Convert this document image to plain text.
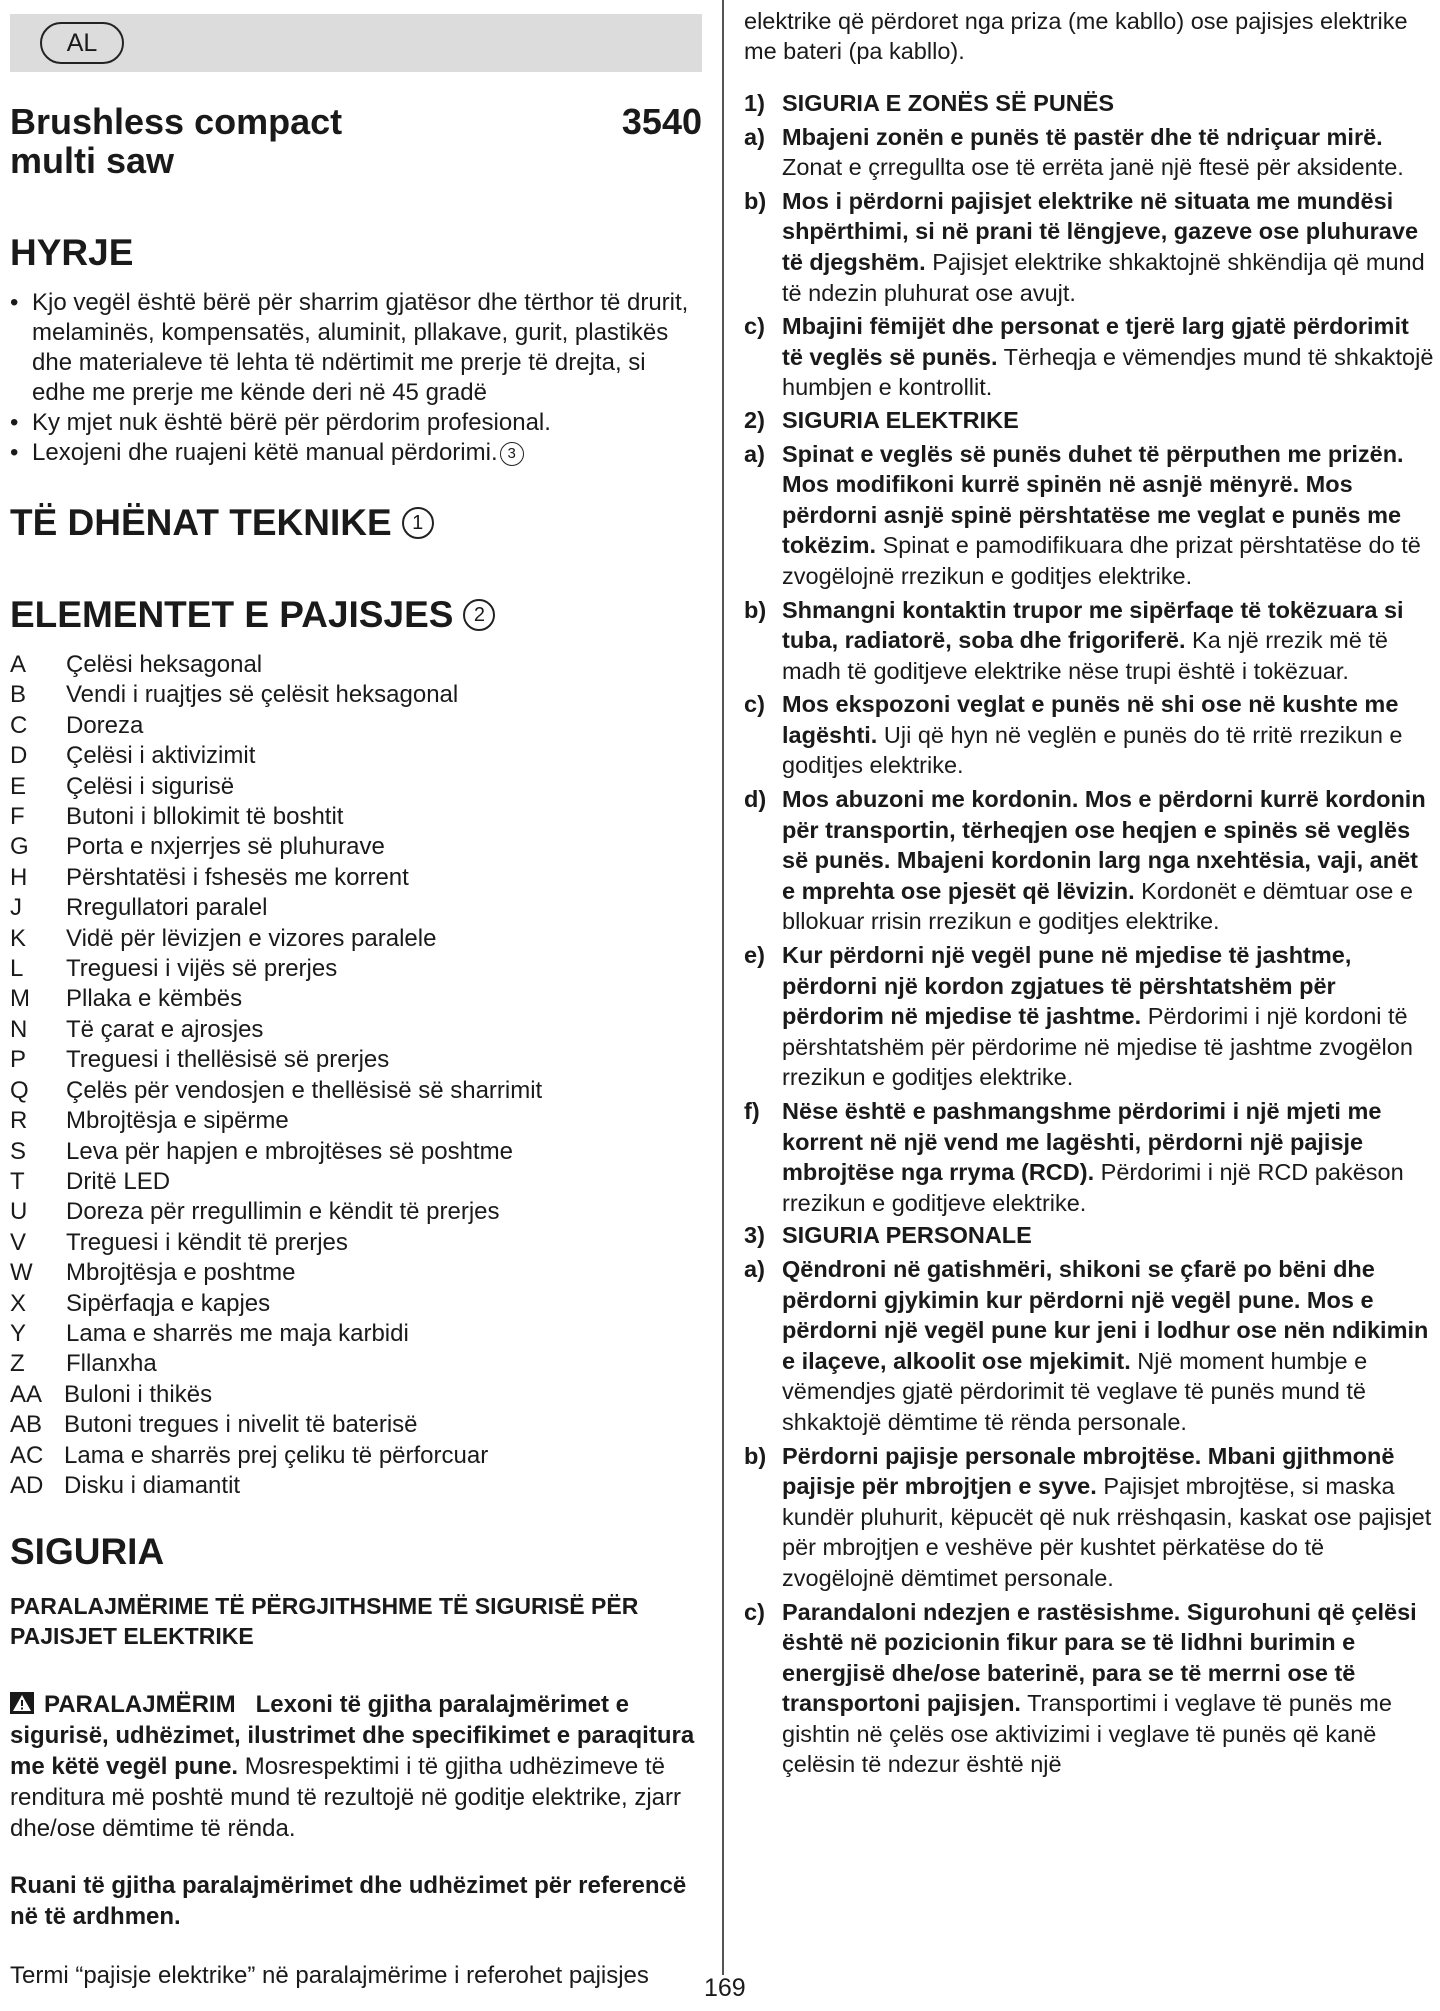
AL
Brushless compact multi saw
3540
HYRJE
• Kjo vegël është bërë për sharrim gjatësor dhe tërthor të drurit, melaminës, kompensatës, aluminit, pllakave, gurit, plastikës dhe materialeve të lehta të ndërtimit me prerje të drejta, si edhe me prerje me kënde deri në 45 gradë
• Ky mjet nuk është bërë për përdorim profesional.
• Lexojeni dhe ruajeni këtë manual përdorimi. 3
TË DHËNAT TEKNIKE	1
ELEMENTET E PAJISJES	2
A	Çelësi heksagonal
B	Vendi i ruajtjes së çelësit heksagonal
C	Doreza
D	Çelësi i aktivizimit
E	Çelësi i sigurisë
F	Butoni i bllokimit të boshtit
G	Porta e nxjerrjes së pluhurave
H	Përshtatësi i fshesës me korrent
J	Rregullatori paralel
K	Vidë për lëvizjen e vizores paralele
L	Treguesi i vijës së prerjes
M	Pllaka e këmbës
N	Të çarat e ajrosjes
P	Treguesi i thellësisë së prerjes
Q	Çelës për vendosjen e thellësisë së sharrimit
R	Mbrojtësja e sipërme
S	Leva për hapjen e mbrojtëses së poshtme
T	Dritë LED
U	Doreza për rregullimin e këndit të prerjes
V	Treguesi i këndit të prerjes
W	Mbrojtësja e poshtme
X	Sipërfaqja e kapjes
Y	Lama e sharrës me maja karbidi
Z	Fllanxha
AA Buloni i thikës
AB Butoni tregues i nivelit të baterisë
AC Lama e sharrës prej çeliku të përforcuar
AD Disku i diamantit
SIGURIA
PARALAJMËRIME TË PËRGJITHSHME TË SIGURISË PËR PAJISJET ELEKTRIKE

PARALAJMËRIM Lexoni të gjitha paralajmërimet e sigurisë, udhëzimet, ilustrimet dhe specifikimet e paraqitura me këtë vegël pune. Mosrespektimi i të gjitha udhëzimeve të renditura më poshtë mund të rezultojë në goditje elektrike, zjarr dhe/ose dëmtime të rënda.

Ruani të gjitha paralajmërimet dhe udhëzimet për referencë në të ardhmen.

Termi “pajisje elektrike” në paralajmërime i referohet pajisjes

elektrike që përdoret nga priza (me kabllo) ose pajisjes elektrike me bateri (pa kabllo).

1) SIGURIA E ZONËS SË PUNËS
a) Mbajeni zonën e punës të pastër dhe të ndriçuar mirë. Zonat e çrregullta ose të errëta janë një ftesë për aksidente.
b) Mos i përdorni pajisjet elektrike në situata me mundësi shpërthimi, si në prani të lëngjeve, gazeve ose pluhurave të djegshëm. Pajisjet elektrike shkaktojnë shkëndija që mund të ndezin pluhurat ose avujt.
c) Mbajini fëmijët dhe personat e tjerë larg gjatë përdorimit të veglës së punës. Tërheqja e vëmendjes mund të shkaktojë humbjen e kontrollit.
2) SIGURIA ELEKTRIKE
a) Spinat e veglës së punës duhet të përputhen me prizën. Mos modifikoni kurrë spinën në asnjë mënyrë. Mos përdorni asnjë spinë përshtatëse me veglat e punës me tokëzim. Spinat e pamodifikuara dhe prizat përshtatëse do të zvogëlojnë rrezikun e goditjes elektrike.
b) Shmangni kontaktin trupor me sipërfaqe të tokëzuara si tuba, radiatorë, soba dhe frigoriferë. Ka një rrezik më të madh të goditjeve elektrike nëse trupi është i tokëzuar.
c) Mos ekspozoni veglat e punës në shi ose në kushte me lagështi. Uji që hyn në veglën e punës do të rritë rrezikun e goditjes elektrike.
d) Mos abuzoni me kordonin. Mos e përdorni kurrë kordonin për transportin, tërheqjen ose heqjen e spinës së veglës së punës. Mbajeni kordonin larg nga nxehtësia, vaji, anët e mprehta ose pjesët që lëvizin. Kordonët e dëmtuar ose e bllokuar rrisin rrezikun e goditjes elektrike.
e) Kur përdorni një vegël pune në mjedise të jashtme, përdorni një kordon zgjatues të përshtatshëm për përdorim në mjedise të jashtme. Përdorimi i një kordoni të përshtatshëm për përdorime në mjedise të jashtme zvogëlon rrezikun e goditjes elektrike.
f) Nëse është e pashmangshme përdorimi i një mjeti me korrent në një vend me lagështi, përdorni një pajisje mbrojtëse nga rryma (RCD). Përdorimi i një RCD pakëson rrezikun e goditjeve elektrike.
3) SIGURIA PERSONALE
a) Qëndroni në gatishmëri, shikoni se çfarë po bëni dhe përdorni gjykimin kur përdorni një vegël pune. Mos e përdorni një vegël pune kur jeni i lodhur ose nën ndikimin e ilaçeve, alkoolit ose mjekimit. Një moment humbje e vëmendjes gjatë përdorimit të veglave të punës mund të shkaktojë dëmtime të rënda personale.
b) Përdorni pajisje personale mbrojtëse. Mbani gjithmonë pajisje për mbrojtjen e syve. Pajisjet mbrojtëse, si maska kundër pluhurit, këpucët që nuk rrëshqasin, kaskat ose pajisjet për mbrojtjen e veshëve për kushtet përkatëse do të zvogëlojnë dëmtimet personale.
c) Parandaloni ndezjen e rastësishme. Sigurohuni që çelësi është në pozicionin fikur para se të lidhni burimin e energjisë dhe/ose baterinë, para se të merrni ose të transportoni pajisjen. Transportimi i veglave të punës me gishtin në çelës ose aktivizimi i veglave të punës që kanë çelësin të ndezur është një
169
